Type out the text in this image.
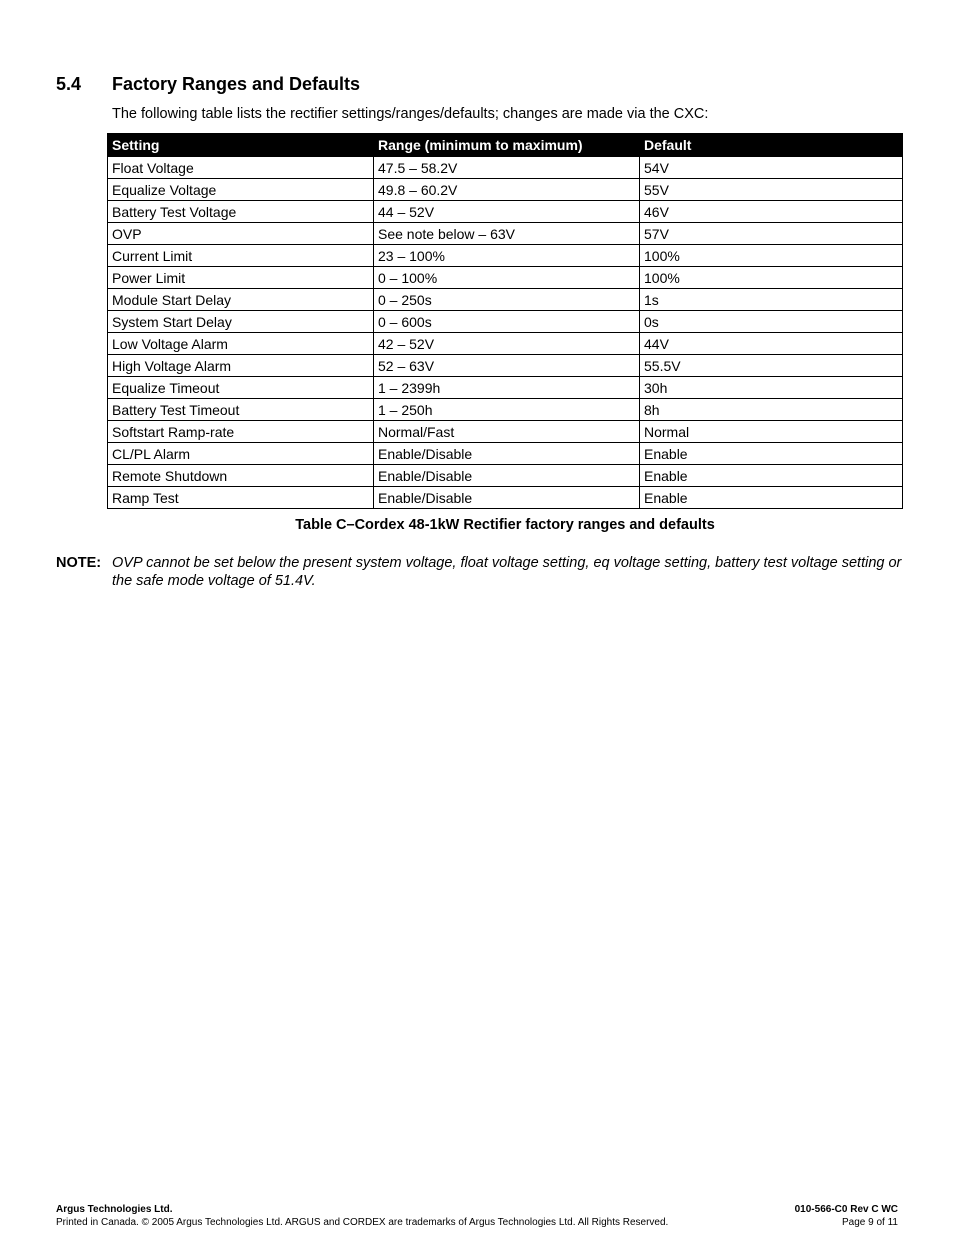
5.4 Factory Ranges and Defaults
The following table lists the rectifier settings/ranges/defaults; changes are made via the CXC:
Setting	Range (minimum to maximum)	Default
Float Voltage	47.5 – 58.2V	54V
Equalize Voltage	49.8 – 60.2V	55V
Battery Test Voltage	44 – 52V	46V
OVP	See note below – 63V	57V
Current Limit	23 – 100%	100%
Power Limit	0 – 100%	100%
Module Start Delay	0 – 250s	1s
System Start Delay	0 – 600s	0s
Low Voltage Alarm	42 – 52V	44V
High Voltage Alarm	52 – 63V	55.5V
Equalize Timeout	1 – 2399h	30h
Battery Test Timeout	1 – 250h	8h
Softstart Ramp-rate	Normal/Fast	Normal
CL/PL Alarm	Enable/Disable	Enable
Remote Shutdown	Enable/Disable	Enable
Ramp Test	Enable/Disable	Enable
Table C–Cordex 48-1kW Rectifier factory ranges and defaults
NOTE: OVP cannot be set below the present system voltage, float voltage setting, eq voltage setting, battery test voltage setting or the safe mode voltage of 51.4V.
Argus Technologies Ltd.	010-566-C0 Rev C WC
Printed in Canada. © 2005 Argus Technologies Ltd. ARGUS and CORDEX are trademarks of Argus Technologies Ltd. All Rights Reserved.	Page 9 of 11
